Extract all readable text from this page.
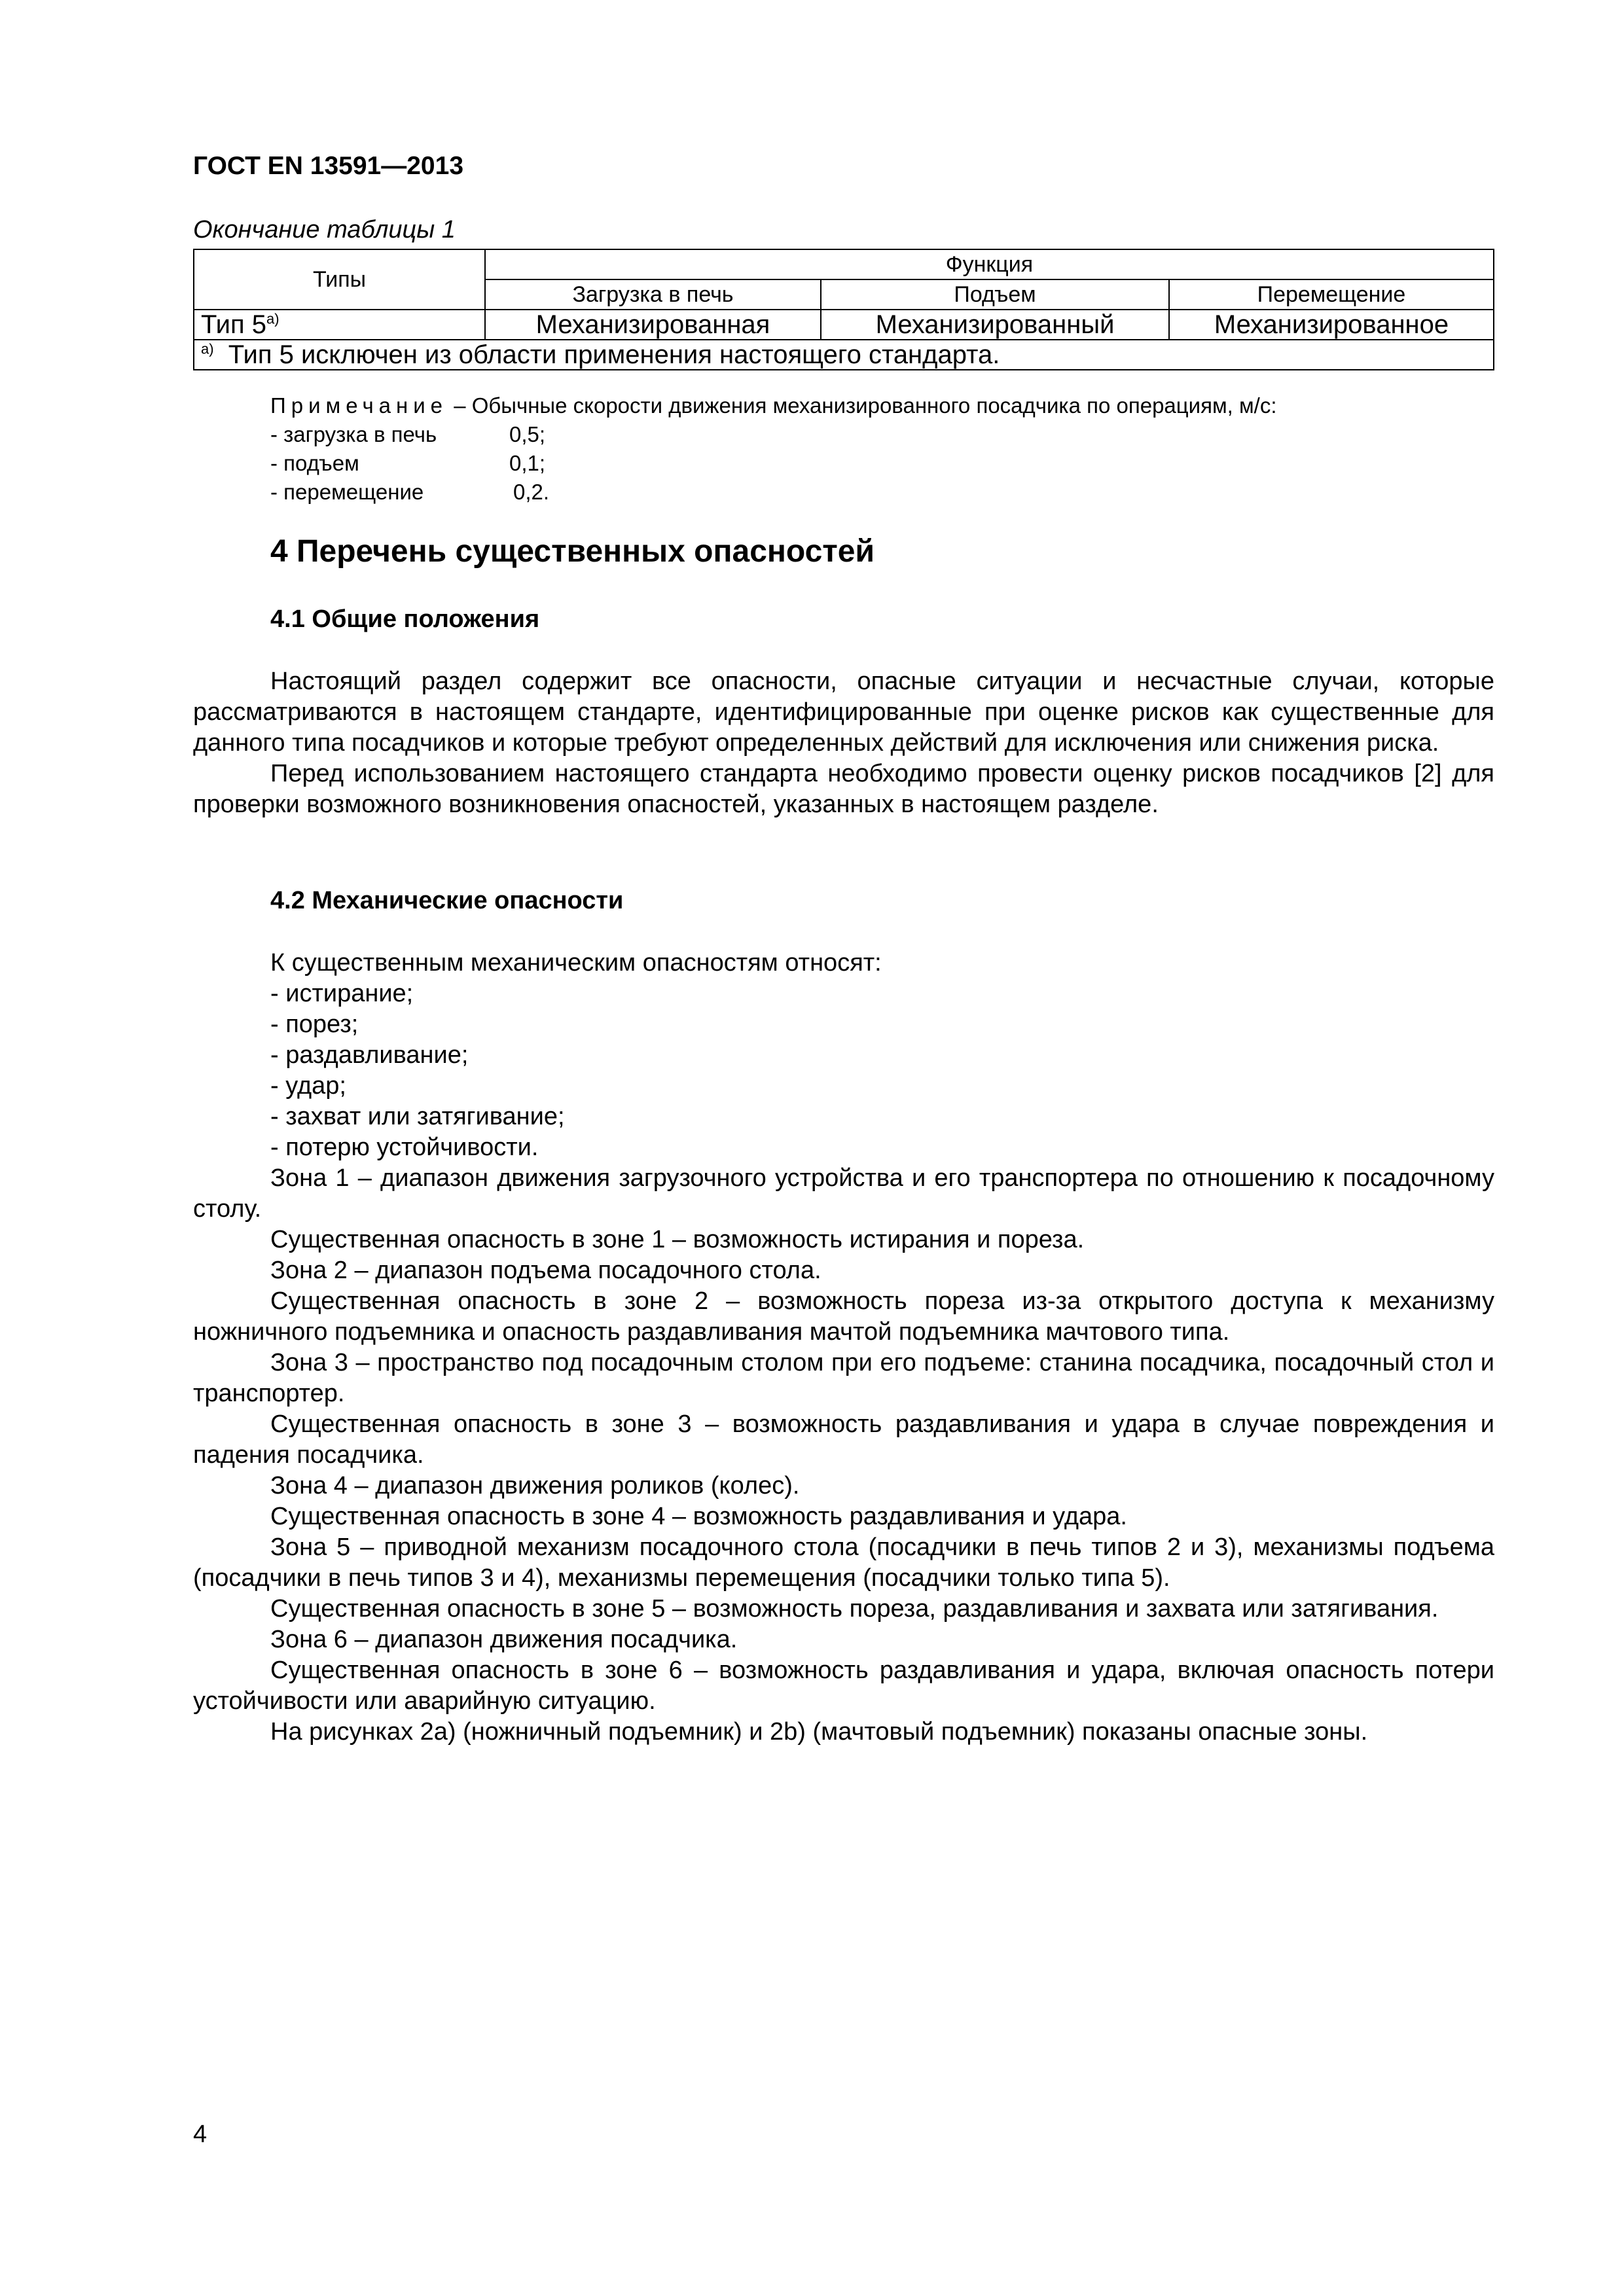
ГОСТ EN 13591—2013
Окончание таблицы 1
Типы	Функция		
	Загрузка в печь	Подъем	Перемещение
Тип $5^{а)}$	Механизированная	Механизированный	Механизированное
$^{а)}$ Тип 5 исключен из области применения настоящего стандарта.			
Примечание – Обычные скорости движения механизированного посадчика по операциям, м/с:
- загрузка в печь	0,5;
- подъем	0,1;
- перемещение	0,2.
4 Перечень существенных опасностей
4.1 Общие положения

Настоящий раздел содержит все опасности, опасные ситуации и несчастные случаи, которые рассматриваются в настоящем стандарте, идентифицированные при оценке рисков как существенные для данного типа посадчиков и которые требуют определенных действий для исключения или снижения риска.

Перед использованием настоящего стандарта необходимо провести оценку рисков посадчиков [2] для проверки возможного возникновения опасностей, указанных в настоящем разделе.

4.2 Механические опасности
К существенным механическим опасностям относят:
- истирание;
- порез;
- раздавливание;
- удар;
- захват или затягивание;
- потерю устойчивости.

Зона 1 – диапазон движения загрузочного устройства и его транспортера по отношению к посадочному столу.

Существенная опасность в зоне 1 – возможность истирания и пореза.

Зона 2 – диапазон подъема посадочного стола.

Существенная опасность в зоне 2 – возможность пореза из-за открытого доступа к механизму ножничного подъемника и опасность раздавливания мачтой подъемника мачтового типа.

Зона 3 – пространство под посадочным столом при его подъеме: станина посадчика, посадочный стол и транспортер.

Существенная опасность в зоне 3 – возможность раздавливания и удара в случае повреждения и падения посадчика.

Зона 4 – диапазон движения роликов (колес).

Существенная опасность в зоне 4 – возможность раздавливания и удара.

Зона 5 – приводной механизм посадочного стола (посадчики в печь типов 2 и 3), механизмы подъема (посадчики в печь типов 3 и 4), механизмы перемещения (посадчики только типа 5).

Существенная опасность в зоне 5 – возможность пореза, раздавливания и захвата или затягивания.

Зона 6 – диапазон движения посадчика.

Существенная опасность в зоне 6 – возможность раздавливания и удара, включая опасность потери устойчивости или аварийную ситуацию.

На рисунках 2a) (ножничный подъемник) и 2b) (мачтовый подъемник) показаны опасные зоны.

4
